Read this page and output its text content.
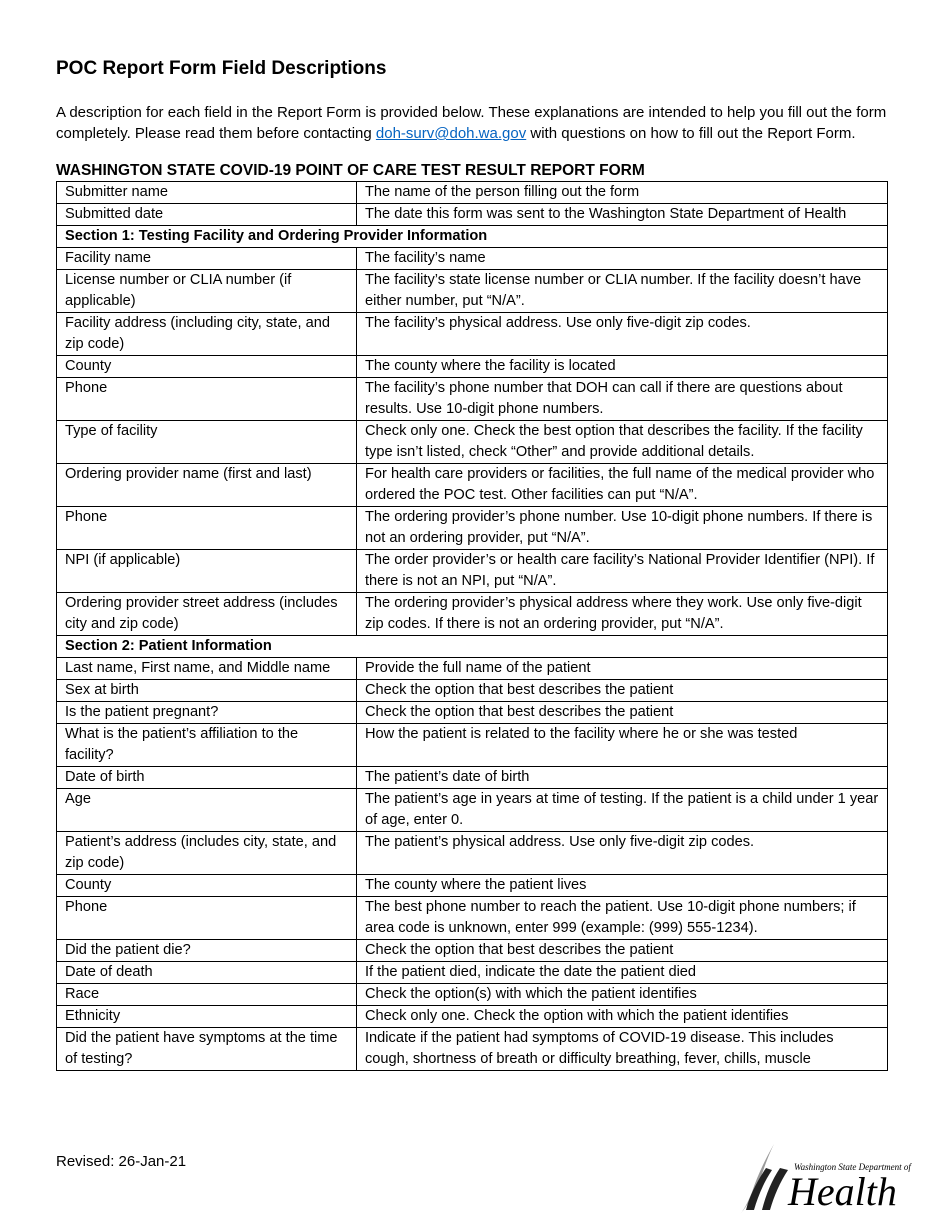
POC Report Form Field Descriptions

A description for each field in the Report Form is provided below. These explanations are intended to help you fill out the form completely. Please read them before contacting doh-surv@doh.wa.gov with questions on how to fill out the Report Form.

WASHINGTON STATE COVID-19 POINT OF CARE TEST RESULT REPORT FORM
Submitter name	The name of the person filling out the form
Submitted date	The date this form was sent to the Washington State Department of Health
Section 1: Testing Facility and Ordering Provider Information	
Facility name	The facility’s name
License number or CLIA number (if applicable)	The facility’s state license number or CLIA number. If the facility doesn’t have either number, put “N/A”.
Facility address (including city, state, and zip code)	The facility’s physical address. Use only five-digit zip codes.
County	The county where the facility is located
Phone	The facility’s phone number that DOH can call if there are questions about results. Use 10-digit phone numbers.
Type of facility	Check only one. Check the best option that describes the facility. If the facility type isn’t listed, check “Other” and provide additional details.
Ordering provider name (first and last)	For health care providers or facilities, the full name of the medical provider who ordered the POC test. Other facilities can put “N/A”.
Phone	The ordering provider’s phone number. Use 10-digit phone numbers. If there is not an ordering provider, put “N/A”.
NPI (if applicable)	The order provider’s or health care facility’s National Provider Identifier (NPI). If there is not an NPI, put “N/A”.
Ordering provider street address (includes city and zip code)	The ordering provider’s physical address where they work. Use only five-digit zip codes. If there is not an ordering provider, put “N/A”.
Section 2: Patient Information	
Last name, First name, and Middle name	Provide the full name of the patient
Sex at birth	Check the option that best describes the patient
Is the patient pregnant?	Check the option that best describes the patient
What is the patient’s affiliation to the facility?	How the patient is related to the facility where he or she was tested
Date of birth	The patient’s date of birth
Age	The patient’s age in years at time of testing. If the patient is a child under 1 year of age, enter 0.
Patient’s address (includes city, state, and zip code)	The patient’s physical address. Use only five-digit zip codes.
County	The county where the patient lives
Phone	The best phone number to reach the patient. Use 10-digit phone numbers; if area code is unknown, enter 999 (example: (999) 555-1234).
Did the patient die?	Check the option that best describes the patient
Date of death	If the patient died, indicate the date the patient died
Race	Check the option(s) with which the patient identifies
Ethnicity	Check only one. Check the option with which the patient identifies
Did the patient have symptoms at the time of testing?	Indicate if the patient had symptoms of COVID-19 disease. This includes cough, shortness of breath or difficulty breathing, fever, chills, muscle
Revised: 26-Jan-21	Washington State Department of
Health
